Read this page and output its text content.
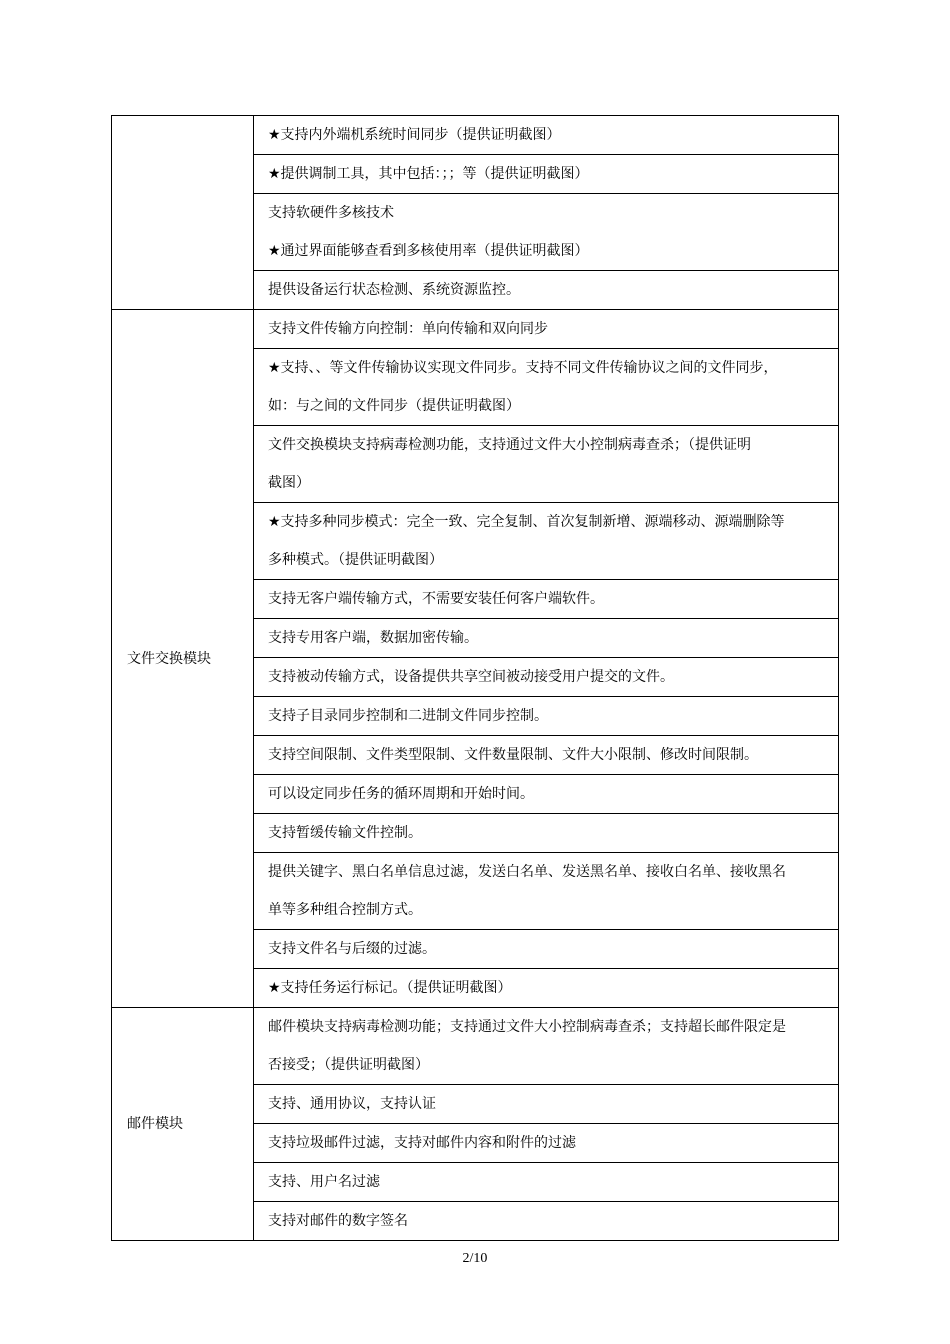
★支持内外端机系统时间同步（提供证明截图）

★提供调制工具，其中包括：；；等（提供证明截图）

支持软硬件多核技术
★通过界面能够查看到多核使用率（提供证明截图）

提供设备运行状态检测、系统资源监控。

文件交换模块	支持文件传输方向控制：单向传输和双向同步

★支持、、等文件传输协议实现文件同步。支持不同文件传输协议之间的文件同步，
如：与之间的文件同步（提供证明截图）

文件交换模块支持病毒检测功能，支持通过文件大小控制病毒查杀；（提供证明
截图）

★支持多种同步模式：完全一致、完全复制、首次复制新增、源端移动、源端删除等
多种模式。（提供证明截图）

支持无客户端传输方式，不需要安装任何客户端软件。

支持专用客户端，数据加密传输。

支持被动传输方式，设备提供共享空间被动接受用户提交的文件。

支持子目录同步控制和二进制文件同步控制。

支持空间限制、文件类型限制、文件数量限制、文件大小限制、修改时间限制。

可以设定同步任务的循环周期和开始时间。

支持暂缓传输文件控制。

提供关键字、黑白名单信息过滤，发送白名单、发送黑名单、接收白名单、接收黑名
单等多种组合控制方式。

支持文件名与后缀的过滤。

★支持任务运行标记。（提供证明截图）

邮件模块	邮件模块支持病毒检测功能；支持通过文件大小控制病毒查杀；支持超长邮件限定是
否接受；（提供证明截图）

支持、通用协议，支持认证

支持垃圾邮件过滤，支持对邮件内容和附件的过滤

支持、用户名过滤

支持对邮件的数字签名
2/10
